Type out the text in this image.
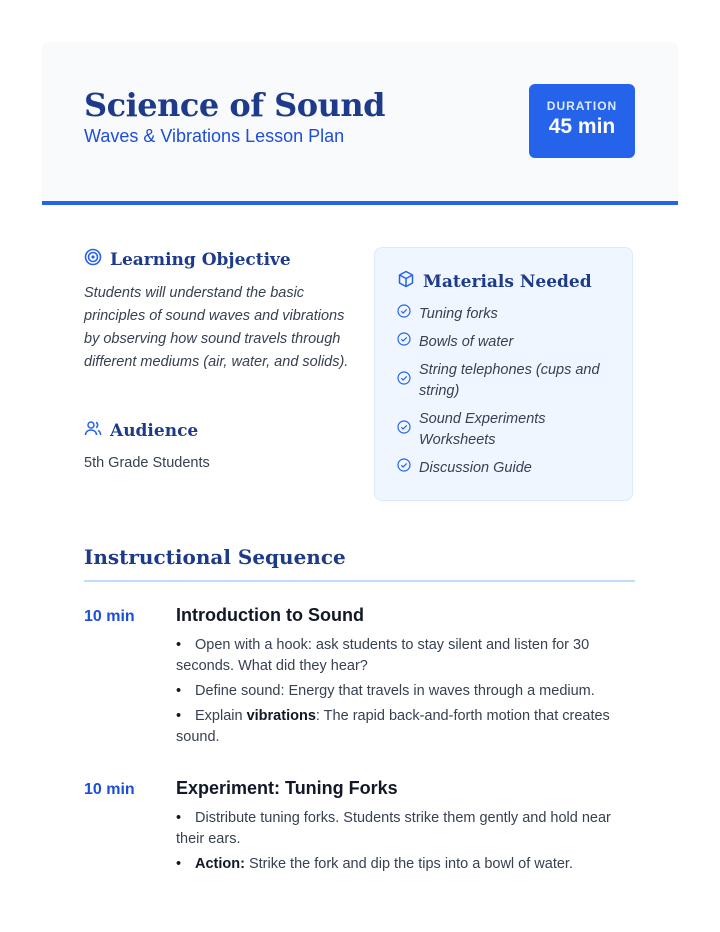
Science of Sound
Waves & Vibrations Lesson Plan
DURATION
45 min
Learning Objective

Students will understand the basic principles of sound waves and vibrations by observing how sound travels through different mediums (air, water, and solids).

Audience
5th Grade Students
Materials Needed
Tuning forks
Bowls of water
String telephones (cups and string)
Sound Experiments Worksheets
Discussion Guide
Instructional Sequence
10 min Introduction to Sound
• Open with a hook: ask students to stay silent and listen for 30 seconds. What did they hear?
• Define sound: Energy that travels in waves through a medium.
• Explain vibrations: The rapid back-and-forth motion that creates sound.
10 min Experiment: Tuning Forks
• Distribute tuning forks. Students strike them gently and hold near their ears.
• Action: Strike the fork and dip the tips into a bowl of water.
